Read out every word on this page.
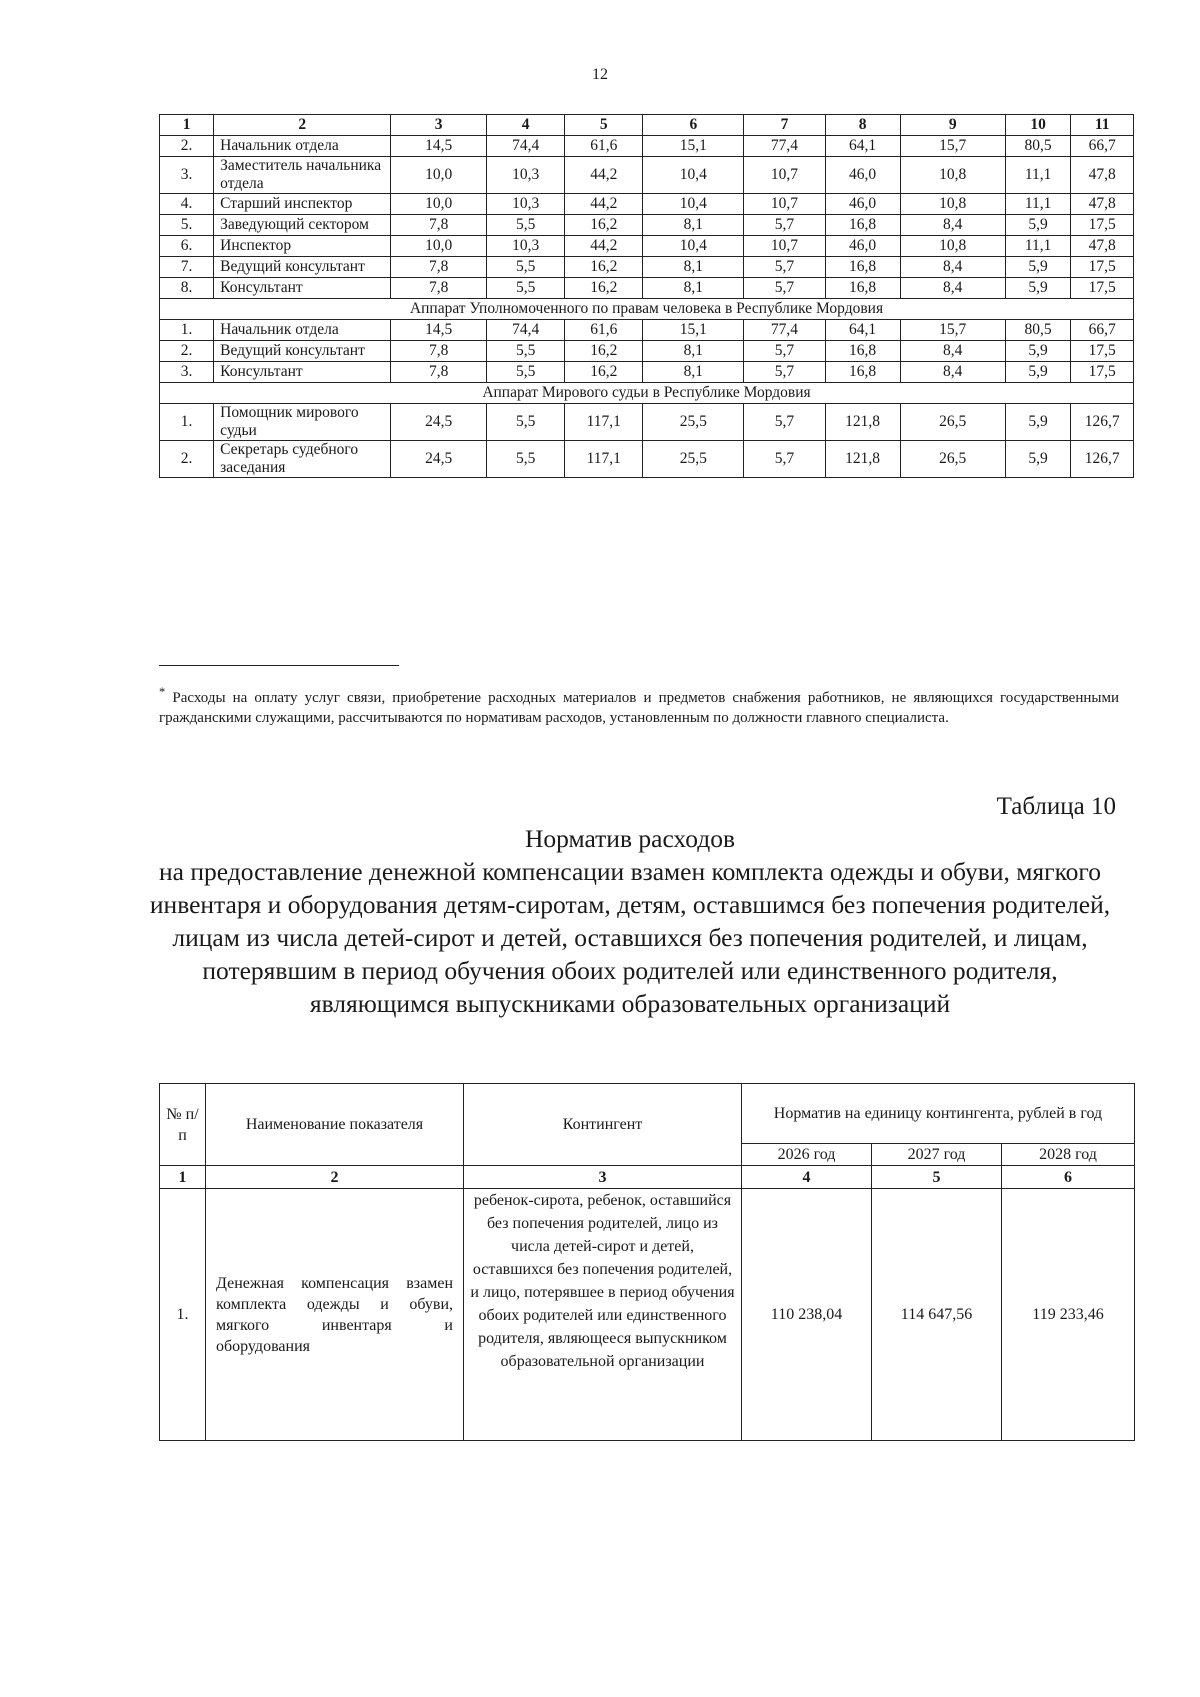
12
1	2	3	4	5	6	7	8	9	10	11
2.	Начальник отдела	14,5	74,4	61,6	15,1	77,4	64,1	15,7	80,5	66,7
3.	Заместитель начальника отдела	10,0	10,3	44,2	10,4	10,7	46,0	10,8	11,1	47,8
4.	Старший инспектор	10,0	10,3	44,2	10,4	10,7	46,0	10,8	11,1	47,8
5.	Заведующий сектором	7,8	5,5	16,2	8,1	5,7	16,8	8,4	5,9	17,5
6.	Инспектор	10,0	10,3	44,2	10,4	10,7	46,0	10,8	11,1	47,8
7.	Ведущий консультант	7,8	5,5	16,2	8,1	5,7	16,8	8,4	5,9	17,5
8.	Консультант	7,8	5,5	16,2	8,1	5,7	16,8	8,4	5,9	17,5
Аппарат Уполномоченного по правам человека в Республике Мордовия										
1.	Начальник отдела	14,5	74,4	61,6	15,1	77,4	64,1	15,7	80,5	66,7
2.	Ведущий консультант	7,8	5,5	16,2	8,1	5,7	16,8	8,4	5,9	17,5
3.	Консультант	7,8	5,5	16,2	8,1	5,7	16,8	8,4	5,9	17,5
Аппарат Мирового судьи в Республике Мордовия										
1.	Помощник мирового судьи	24,5	5,5	117,1	25,5	5,7	121,8	26,5	5,9	126,7
2.	Секретарь судебного заседания	24,5	5,5	117,1	25,5	5,7	121,8	26,5	5,9	126,7
* Расходы на оплату услуг связи, приобретение расходных материалов и предметов снабжения работников, не являющихся государственными гражданскими служащими, рассчитываются по нормативам расходов, установленным по должности главного специалиста.
Таблица 10
Норматив расходов
на предоставление денежной компенсации взамен комплекта одежды и обуви, мягкого инвентаря и оборудования детям-сиротам, детям, оставшимся без попечения родителей, лицам из числа детей-сирот и детей, оставшихся без попечения родителей, и лицам, потерявшим в период обучения обоих родителей или единственного родителя, являющимся выпускниками образовательных организаций
№ п/п	Наименование показателя	Контингент	Норматив на единицу контингента, рублей в год		
			2026 год	2027 год	2028 год
1	2	3	4	5	6
1.	Денежная компенсация взамен комплекта одежды и обуви, мягкого инвентаря и оборудования	ребенок-сирота, ребенок, оставшийся без попечения родителей, лицо из числа детей-сирот и детей, оставшихся без попечения родителей, и лицо, потерявшее в период обучения обоих родителей или единственного родителя, являющееся выпускником образовательной организации	110 238,04	114 647,56	119 233,46
